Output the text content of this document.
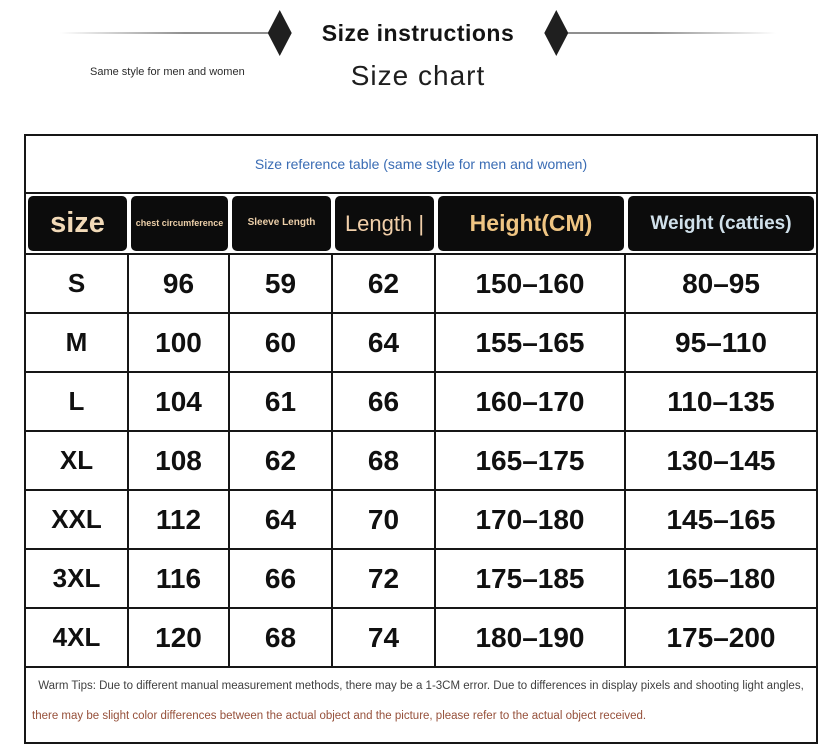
Size instructions
Same style for men and women	Size chart
Size reference table (same style for men and women)
size	chest circumference	Sleeve Length	Length |	Height(CM)	Weight (catties)
S	96	59	62	150–160	80–95
M	100	60	64	155–165	95–110
L	104	61	66	160–170	110–135
XL	108	62	68	165–175	130–145
XXL	112	64	70	170–180	145–165
3XL	116	66	72	175–185	165–180
4XL	120	68	74	180–190	175–200
Warm Tips: Due to different manual measurement methods, there may be a 1-3CM error. Due to differences in display pixels and shooting light angles,
there may be slight color differences between the actual object and the picture, please refer to the actual object received.
